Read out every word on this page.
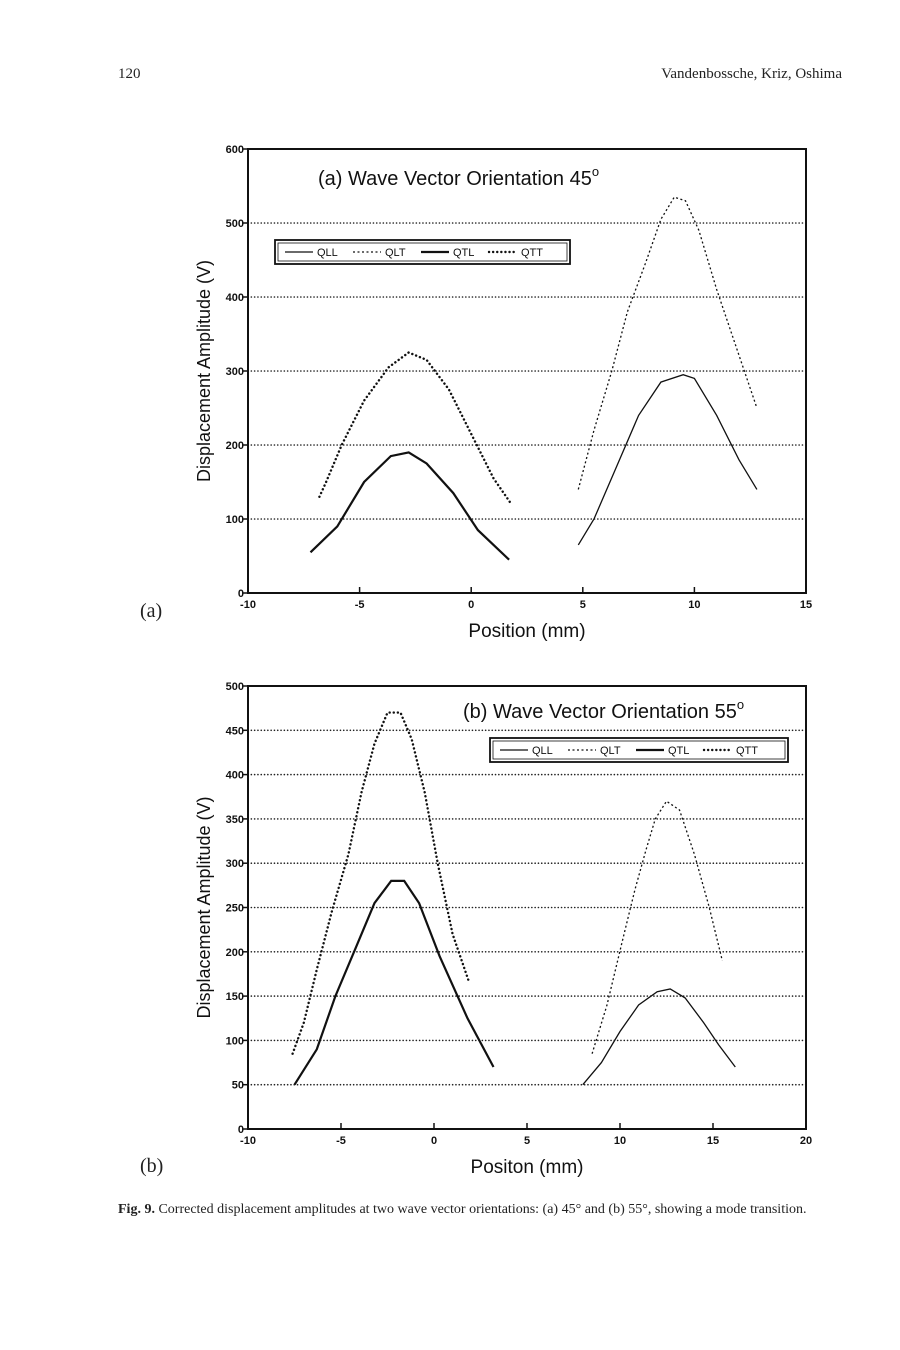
120	Vandenbossche, Kriz, Oshima
(a)
(b)
0
100
200
300
400
500
600
-10	-5	0	5	10	15
Position (mm)
Displacement Amplitude (V)
(a) Wave Vector Orientation 45$^o$
QLL	QLT	QTL	QTT
0
50
100
150
200
250
300
350
400
450
500
-10	-5	0	5	10	15	20
Positon (mm)
Displacement Amplitude (V)
(b) Wave Vector Orientation 55$^o$
QLL	QLT	QTL	QTT
Fig. 9. Corrected displacement amplitudes at two wave vector orientations: (a) 45° and (b) 55°, showing a mode transition.
